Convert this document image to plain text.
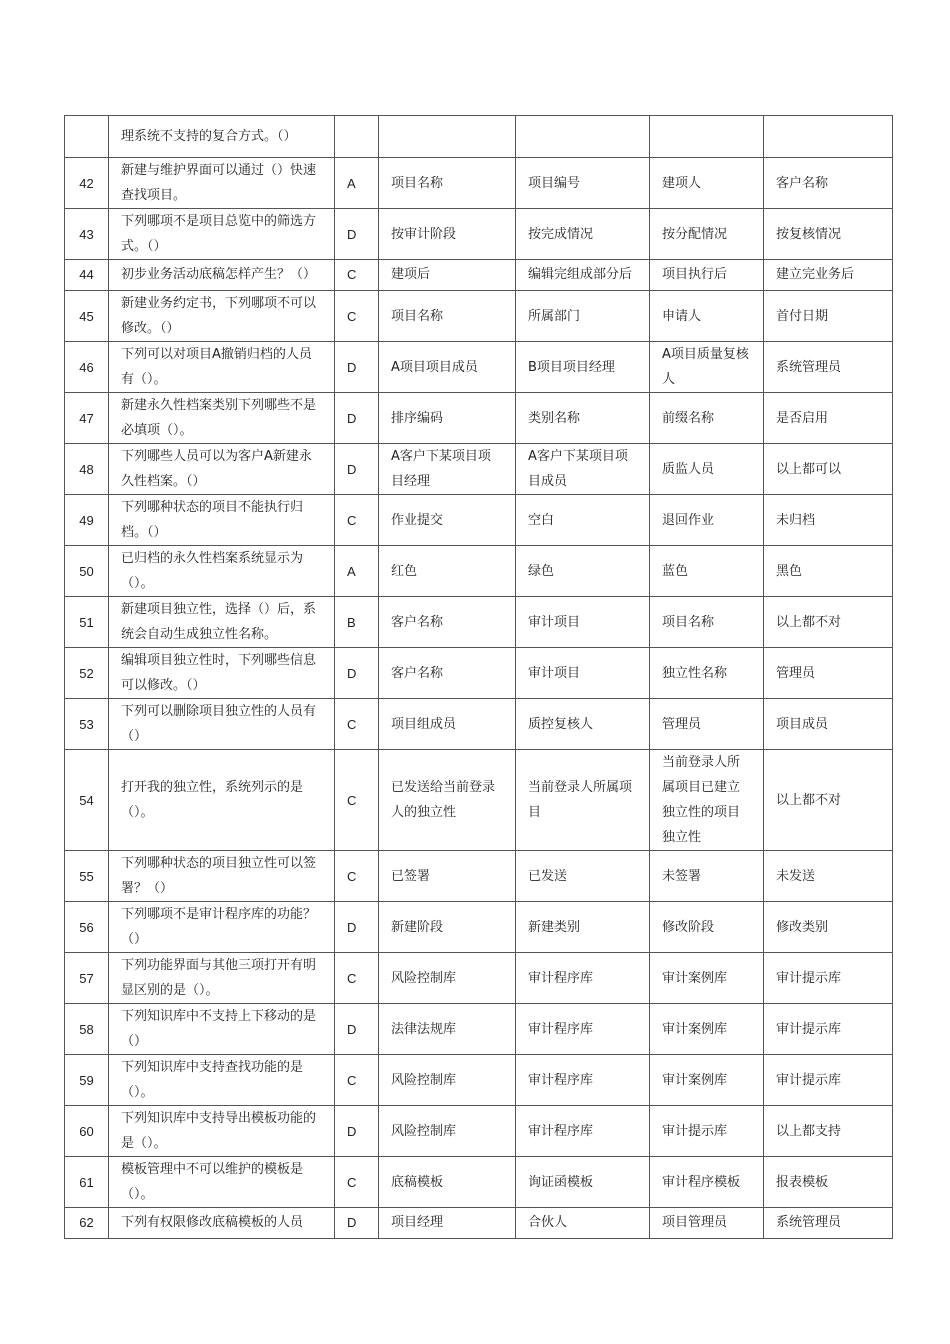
	理系统不支持的复合方式。（）					
42	新建与维护界面可以通过（）快速查找项目。	A	项目名称	项目编号	建项人	客户名称
43	下列哪项不是项目总览中的筛选方式。（）	D	按审计阶段	按完成情况	按分配情况	按复核情况

44	初步业务活动底稿怎样产生？（）	C	建项后	编辑完组成部分后	项目执行后	建立完业务后

45	新建业务约定书，下列哪项不可以修改。（）	C	项目名称	所属部门	申请人	首付日期
46	下列可以对项目A撤销归档的人员有（）。	D	A项目项目成员	B项目项目经理	A项目质量复核人	系统管理员
47	新建永久性档案类别下列哪些不是必填项（）。	D	排序编码	类别名称	前缀名称	是否启用
48	下列哪些人员可以为客户A新建永久性档案。（）	D	A客户下某项目项目经理	A客户下某项目项目成员	质监人员	以上都可以
49	下列哪种状态的项目不能执行归档。（）	C	作业提交	空白	退回作业	未归档
50	已归档的永久性档案系统显示为（）。	A	红色	绿色	蓝色	黑色
51	新建项目独立性，选择（）后，系统会自动生成独立性名称。	B	客户名称	审计项目	项目名称	以上都不对
52	编辑项目独立性时，下列哪些信息可以修改。（）	D	客户名称	审计项目	独立性名称	管理员
53	下列可以删除项目独立性的人员有（）	C	项目组成员	质控复核人	管理员	项目成员
54	打开我的独立性，系统列示的是（）。	C	已发送给当前登录人的独立性	当前登录人所属项目	当前登录人所属项目已建立独立性的项目独立性	以上都不对
55	下列哪种状态的项目独立性可以签署？（）	C	已签署	已发送	未签署	未发送
56	下列哪项不是审计程序库的功能？（）	D	新建阶段	新建类别	修改阶段	修改类别
57	下列功能界面与其他三项打开有明显区别的是（）。	C	风险控制库	审计程序库	审计案例库	审计提示库
58	下列知识库中不支持上下移动的是（）	D	法律法规库	审计程序库	审计案例库	审计提示库
59	下列知识库中支持查找功能的是（）。	C	风险控制库	审计程序库	审计案例库	审计提示库
60	下列知识库中支持导出模板功能的是（）。	D	风险控制库	审计程序库	审计提示库	以上都支持
61	模板管理中不可以维护的模板是（）。	C	底稿模板	询证函模板	审计程序模板	报表模板

62	下列有权限修改底稿模板的人员	D	项目经理	合伙人	项目管理员	系统管理员
